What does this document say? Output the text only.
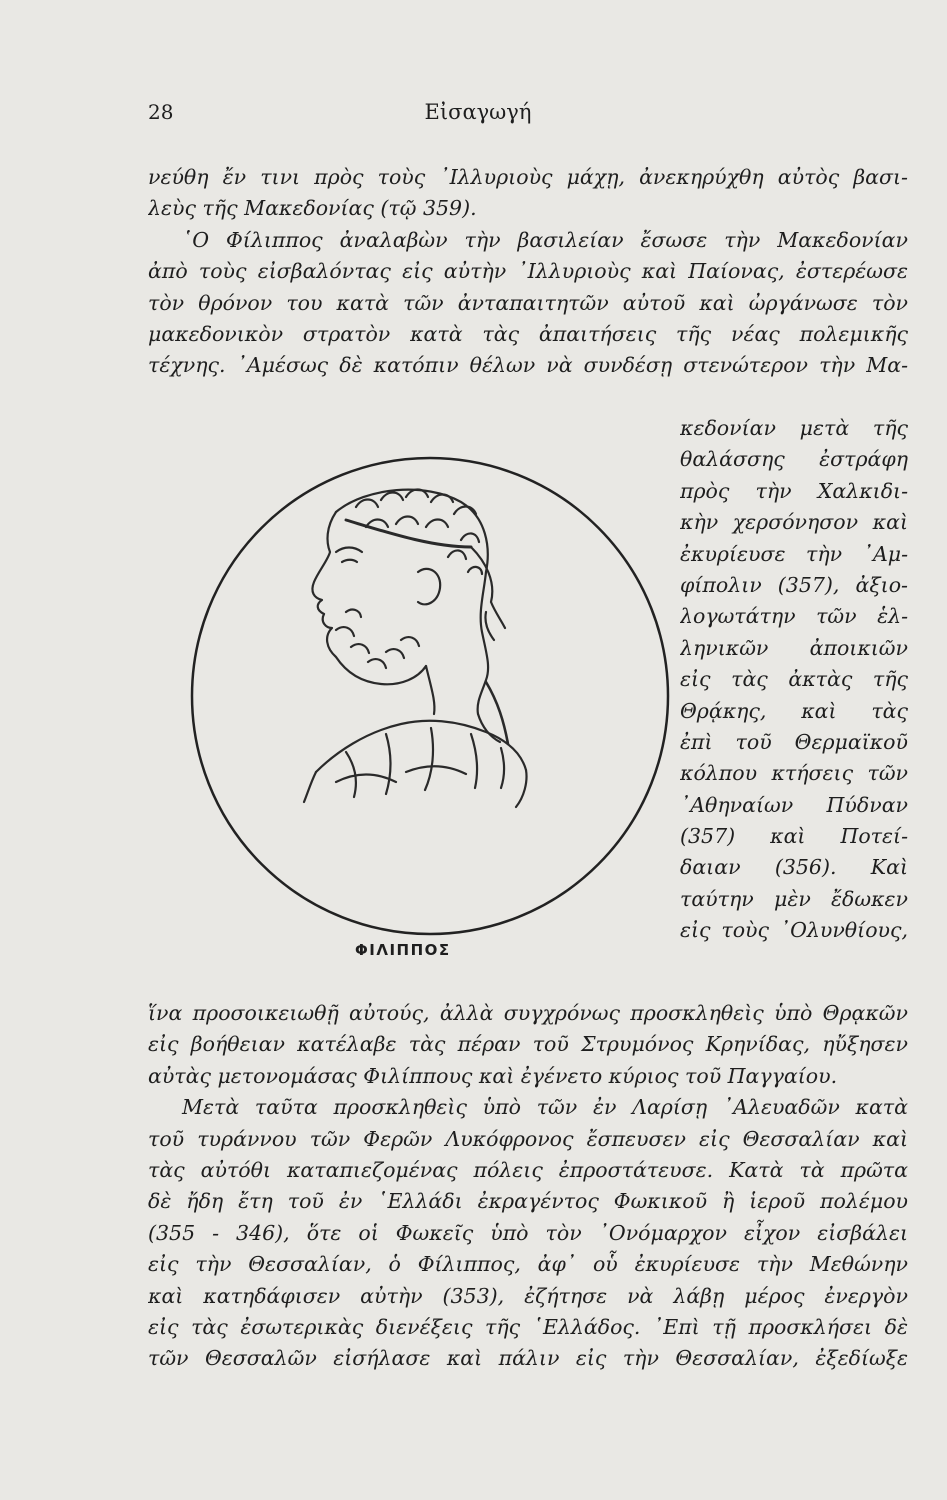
28	Εἰσαγωγή
νεύθη ἔν τινι πρὸς τοὺς ᾿Ιλλυριοὺς μάχῃ, ἀνεκηρύχθη αὐτὸς βασι-
λεὺς τῆς Μακεδονίας (τῷ 359).
῾Ο Φίλιππος ἀναλαβὼν τὴν βασιλείαν ἔσωσε τὴν Μακεδονίαν
ἀπὸ τοὺς εἰσβαλόντας εἰς αὐτὴν ᾿Ιλλυριοὺς καὶ Παίονας, ἐστερέωσε
τὸν θρόνον του κατὰ τῶν ἀνταπαιτητῶν αὐτοῦ καὶ ὠργάνωσε τὸν
μακεδονικὸν στρατὸν κατὰ τὰς ἀπαιτήσεις τῆς νέας πολεμικῆς
τέχνης. ᾿Αμέσως δὲ κατόπιν θέλων νὰ συνδέσῃ στενώτερον τὴν Μα-
κεδονίαν μετὰ τῆς
θαλάσσης ἐστράφη
πρὸς τὴν Χαλκιδι-
κὴν χερσόνησον καὶ
ἐκυρίευσε τὴν ᾿Αμ-
φίπολιν (357), ἀξιο-
λογωτάτην τῶν ἑλ-
ληνικῶν ἀποικιῶν
εἰς τὰς ἀκτὰς τῆς
Θρᾴκης, καὶ τὰς
ἐπὶ τοῦ Θερμαϊκοῦ
κόλπου κτήσεις τῶν
᾿Αθηναίων Πύδναν
(357) καὶ Ποτεί-
δαιαν (356). Καὶ
ταύτην μὲν ἔδωκεν
εἰς τοὺς ᾿Ολυνθίους,
ΦΙΛΙΠΠΟΣ
ἵνα προσοικειωθῇ αὐτούς, ἀλλὰ συγχρόνως προσκληθεὶς ὑπὸ Θρᾳκῶν
εἰς βοήθειαν κατέλαβε τὰς πέραν τοῦ Στρυμόνος Κρηνίδας, ηὔξησεν
αὐτὰς μετονομάσας Φιλίππους καὶ ἐγένετο κύριος τοῦ Παγγαίου.
Μετὰ ταῦτα προσκληθεὶς ὑπὸ τῶν ἐν Λαρίσῃ ᾿Αλευαδῶν κατὰ
τοῦ τυράννου τῶν Φερῶν Λυκόφρονος ἔσπευσεν εἰς Θεσσαλίαν καὶ
τὰς αὐτόθι καταπιεζομένας πόλεις ἐπροστάτευσε. Κατὰ τὰ πρῶτα
δὲ ἤδη ἔτη τοῦ ἐν ῾Ελλάδι ἐκραγέντος Φωκικοῦ ἢ ἱεροῦ πολέμου
(355 - 346), ὅτε οἱ Φωκεῖς ὑπὸ τὸν ᾿Ονόμαρχον εἶχον εἰσβάλει
εἰς τὴν Θεσσαλίαν, ὁ Φίλιππος, ἀφ᾿ οὗ ἐκυρίευσε τὴν Μεθώνην
καὶ κατηδάφισεν αὐτὴν (353), ἐζήτησε νὰ λάβῃ μέρος ἐνεργὸν
εἰς τὰς ἐσωτερικὰς διενέξεις τῆς ῾Ελλάδος. ᾿Επὶ τῇ προσκλήσει δὲ
τῶν Θεσσαλῶν εἰσήλασε καὶ πάλιν εἰς τὴν Θεσσαλίαν, ἐξεδίωξε
